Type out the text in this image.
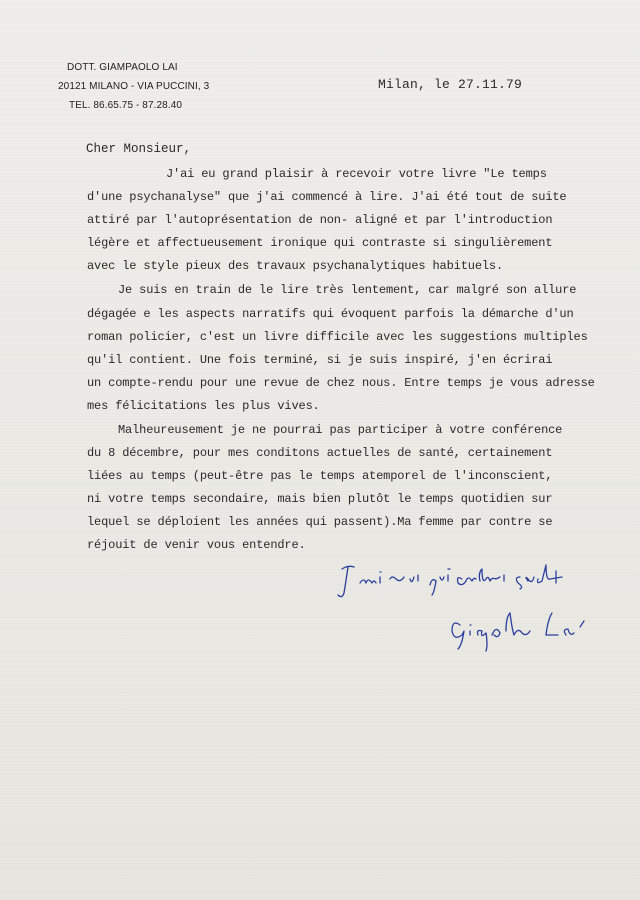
DOTT. GIAMPAOLO LAI
20121 MILANO - VIA PUCCINI, 3
TEL. 86.65.75 - 87.28.40
Milan, le 27.11.79
Cher Monsieur,
J'ai eu grand plaisir à recevoir votre livre "Le temps
d'une psychanalyse" que j'ai commencé à lire. J'ai été tout de suite
attiré par l'autoprésentation de non- aligné et par l'introduction
légère et affectueusement ironique qui contraste si singulièrement
avec le style pieux des travaux psychanalytiques habituels.
Je suis en train de le lire très lentement, car malgré son allure
dégagée e les aspects narratifs qui évoquent parfois la démarche d'un
roman policier, c'est un livre difficile avec les suggestions multiples
qu'il contient. Une fois terminé, si je suis inspiré, j'en écrirai
un compte-rendu pour une revue de chez nous. Entre temps je vous adresse
mes félicitations les plus vives.
Malheureusement je ne pourrai pas participer à votre conférence
du 8 décembre, pour mes conditons actuelles de santé, certainement
liées au temps (peut-être pas le temps atemporel de l'inconscient,
ni votre temps secondaire, mais bien plutôt le temps quotidien sur
lequel se déploient les années qui passent).Ma femme par contre se
réjouit de venir vous entendre.
